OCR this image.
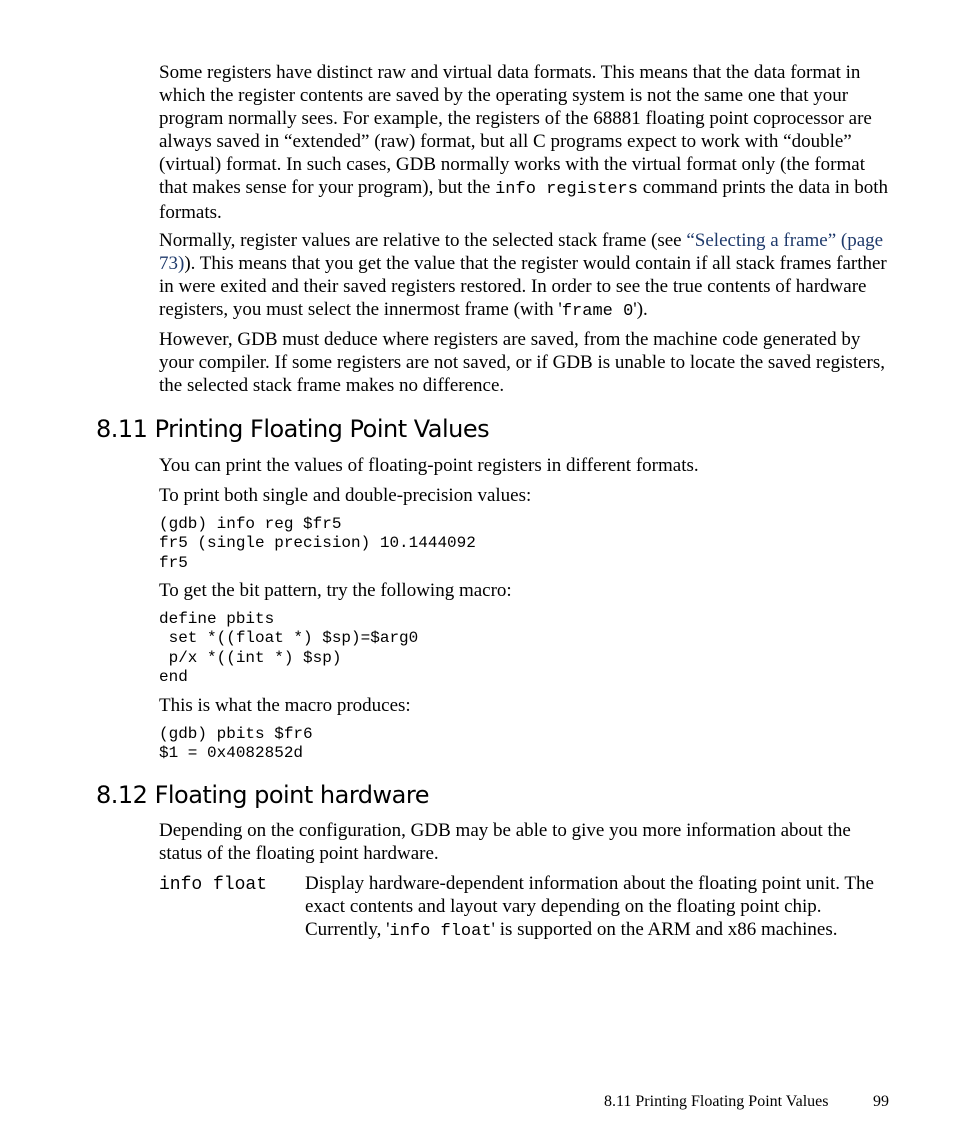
Some registers have distinct raw and virtual data formats. This means that the data format in which the register contents are saved by the operating system is not the same one that your program normally sees. For example, the registers of the 68881 floating point coprocessor are always saved in “extended” (raw) format, but all C programs expect to work with “double” (virtual) format. In such cases, GDB normally works with the virtual format only (the format that makes sense for your program), but the info registers command prints the data in both formats.

Normally, register values are relative to the selected stack frame (see “Selecting a frame” (page 73)). This means that you get the value that the register would contain if all stack frames farther in were exited and their saved registers restored. In order to see the true contents of hardware registers, you must select the innermost frame (with 'frame 0').

However, GDB must deduce where registers are saved, from the machine code generated by your compiler. If some registers are not saved, or if GDB is unable to locate the saved registers, the selected stack frame makes no difference.

8.11 Printing Floating Point Values

You can print the values of floating-point registers in different formats.

To print both single and double-precision values:

(gdb) info reg $fr5
fr5 (single precision) 10.1444092
fr5

To get the bit pattern, try the following macro:

define pbits
set *((float *) $sp)=$arg0
p/x *((int *) $sp)
end

This is what the macro produces:

(gdb) pbits $fr6
$1 = 0x4082852d
8.12 Floating point hardware

Depending on the configuration, GDB may be able to give you more information about the status of the floating point hardware.

info float Display hardware-dependent information about the floating point unit. The exact contents and layout vary depending on the floating point chip. Currently, 'info float' is supported on the ARM and x86 machines.

8.11 Printing Floating Point Values	99
